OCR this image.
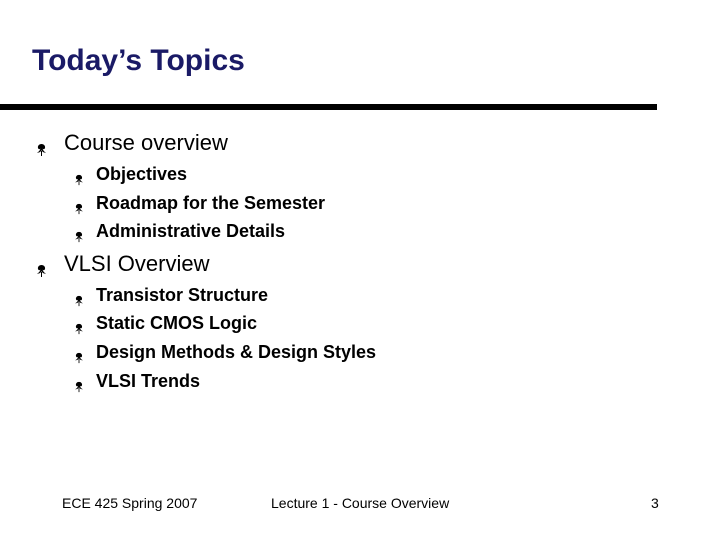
Today’s Topics
Course overview
Objectives
Roadmap for the Semester
Administrative Details
VLSI Overview
Transistor Structure
Static CMOS Logic
Design Methods & Design Styles
VLSI Trends
ECE 425 Spring 2007	Lecture 1 - Course Overview	3
